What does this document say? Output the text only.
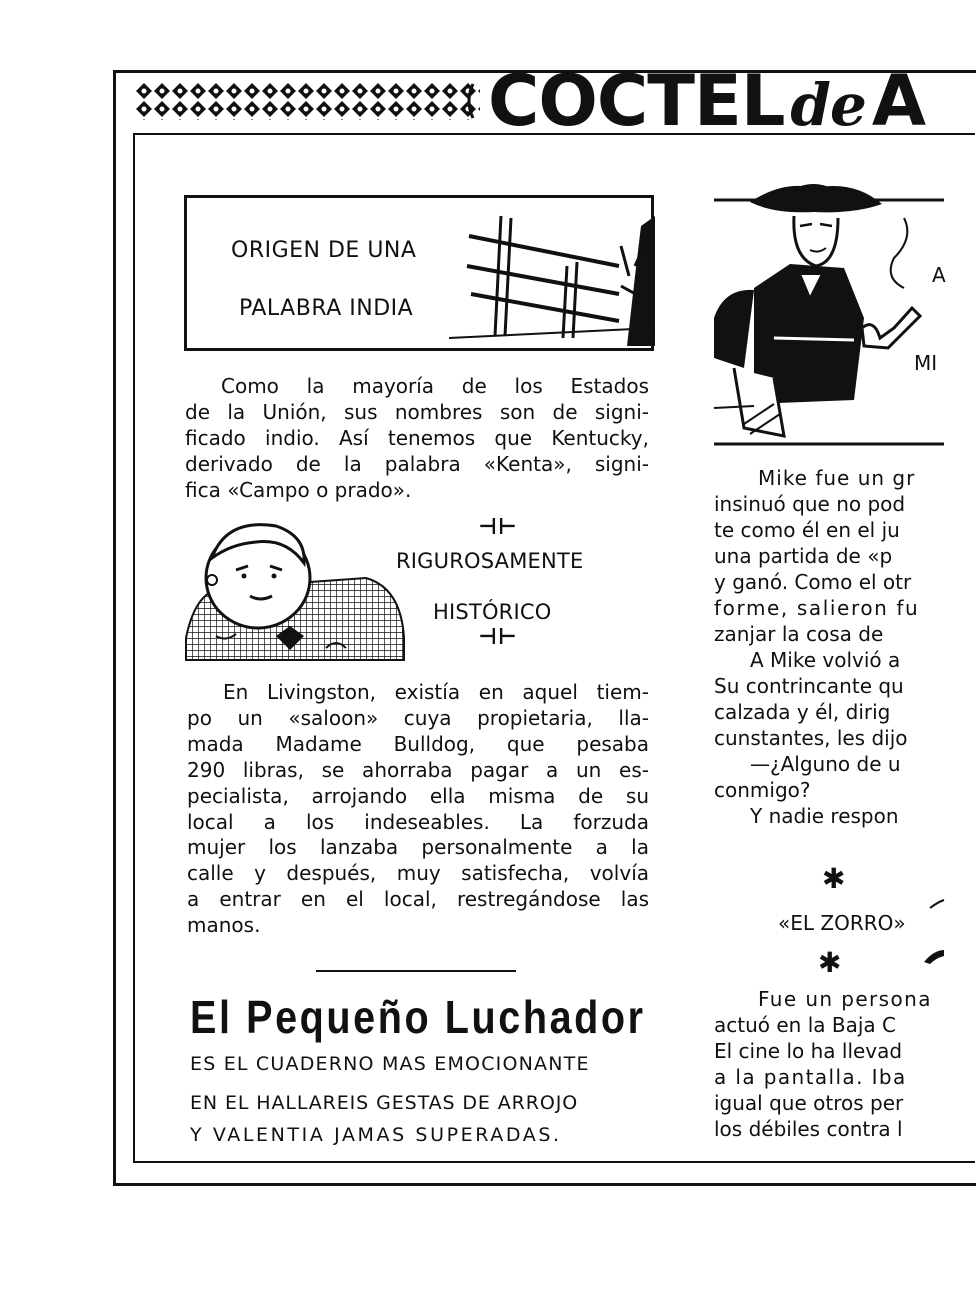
COCTEL deA
ORIGEN DE UNA
PALABRA INDIA

Como la mayoría de los Estados

de la Unión, sus nombres son de signi-

ficado indio. Así tenemos que Kentucky,

derivado de la palabra «Kenta», signi-

fica «Campo o prado».

⊣⊢
RIGUROSAMENTE
HISTÓRICO
⊣⊢

En Livingston, existía en aquel tiem-

po un «saloon» cuya propietaria, lla-

mada Madame Bulldog, que pesaba

290 libras, se ahorraba pagar a un es-

pecialista, arrojando ella misma de su

local a los indeseables. La forzuda

mujer los lanzaba personalmente a la

calle y después, muy satisfecha, volvía

a entrar en el local, restregándose las

manos.

El Pequeño Luchador
ES EL CUADERNO MAS EMOCIONANTE
EN EL HALLAREIS GESTAS DE ARROJO
Y VALENTIA JAMAS SUPERADAS.
A
MI

Mike fue un gr

insinuó que no pod

te como él en el ju

una partida de «p

y ganó. Como el otr

forme, salieron fu

zanjar la cosa de

A Mike volvió a

Su contrincante qu

calzada y él, dirig

cunstantes, les dijo

—¿Alguno de u

conmigo?

Y nadie respon

✱
«EL ZORRO»
✱

Fue un persona

actuó en la Baja C

El cine lo ha llevad

a la pantalla. Iba

igual que otros per

los débiles contra l
